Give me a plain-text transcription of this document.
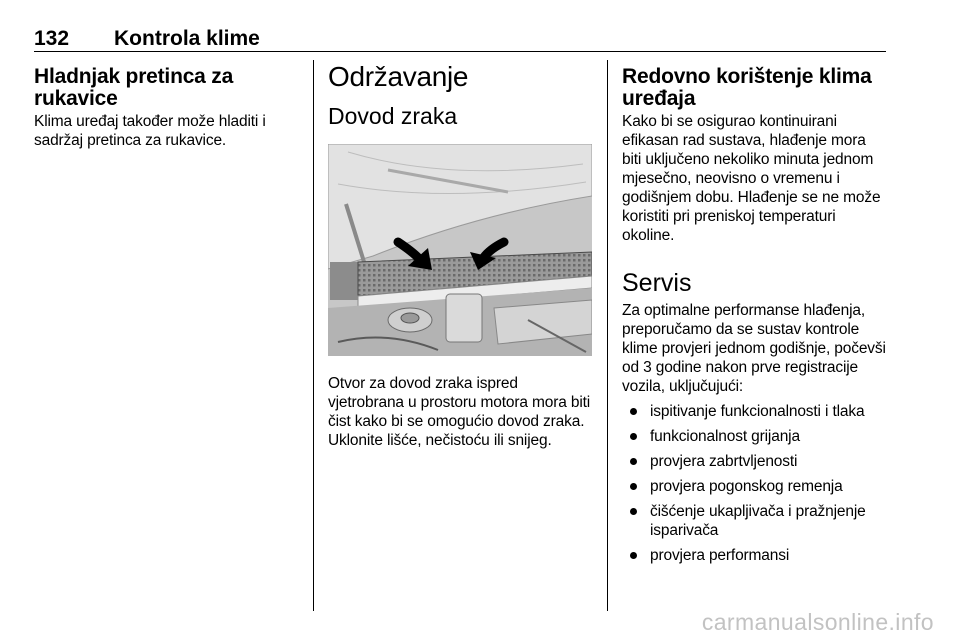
132 Kontrola klime
Hladnjak pretinca za rukavice

Klima uređaj također može hladiti i sadržaj pretinca za rukavice.

Održavanje
Dovod zraka

Otvor za dovod zraka ispred vjetrobrana u prostoru motora mora biti čist kako bi se omogućio dovod zraka. Uklonite lišće, nečistoću ili snijeg.

Redovno korištenje klima uređaja

Kako bi se osigurao kontinuirani efikasan rad sustava, hlađenje mora biti uključeno nekoliko minuta jednom mjesečno, neovisno o vremenu i godišnjem dobu. Hlađenje se ne može koristiti pri preniskoj temperaturi okoline.

Servis

Za optimalne performanse hlađenja, preporučamo da se sustav kontrole klime provjeri jednom godišnje, počevši od 3 godine nakon prve registracije vozila, uključujući:

ispitivanje funkcionalnosti i tlaka
funkcionalnost grijanja
provjera zabrtvljenosti
provjera pogonskog remenja
čišćenje ukapljivača i pražnjenje isparivača
provjera performansi
carmanualsonline.info
